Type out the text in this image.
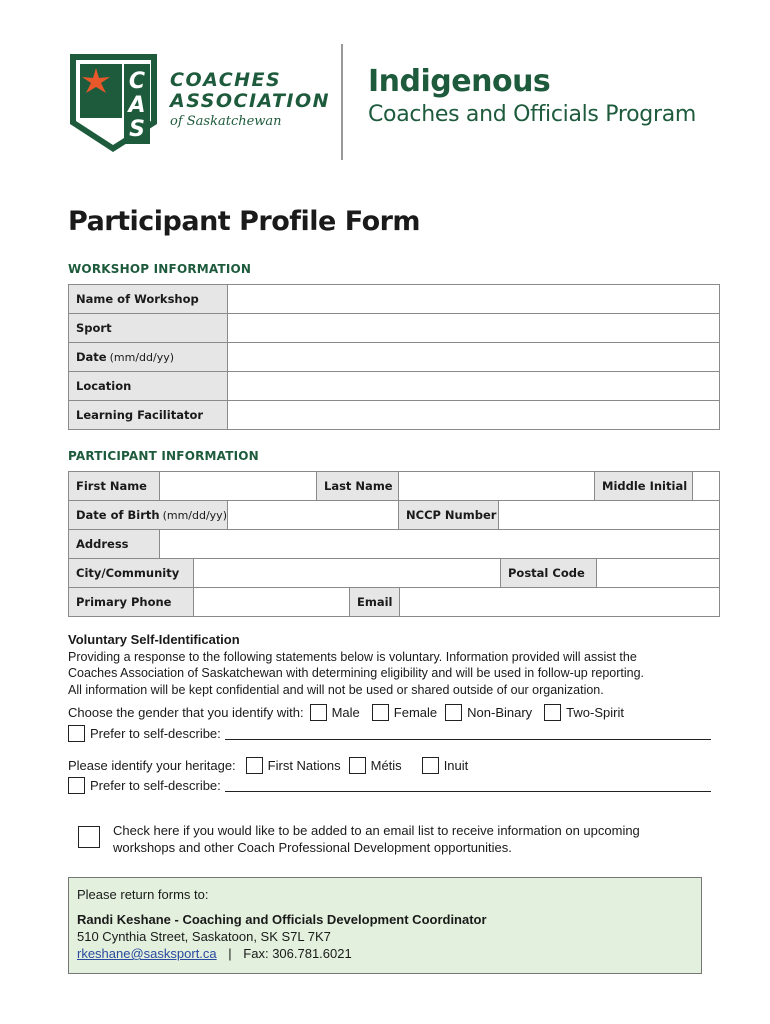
C
A
S
COACHES
ASSOCIATION
of Saskatchewan
Indigenous
Coaches and Officials Program
Participant Profile Form
WORKSHOP INFORMATION
Name of Workshop
Sport
Date (mm/dd/yy)
Location
Learning Facilitator
PARTICIPANT INFORMATION
First Name	Last Name	Middle Initial
Date of Birth (mm/dd/yy)	NCCP Number
Address
City/Community	Postal Code
Primary Phone	Email
Voluntary Self-Identification
Providing a response to the following statements below is voluntary. Information provided will assist the
Coaches Association of Saskatchewan with determining eligibility and will be used in follow-up reporting.
All information will be kept confidential and will not be used or shared outside of our organization.
Choose the gender that you identify with: Male	Female Non-Binary	Two-Spirit
Prefer to self-describe:
Please identify your heritage: First Nations Métis	Inuit
Prefer to self-describe:
Check here if you would like to be added to an email list to receive information on upcoming
workshops and other Coach Professional Development opportunities.
Please return forms to:
Randi Keshane - Coaching and Officials Development Coordinator
510 Cynthia Street, Saskatoon, SK S7L 7K7
rkeshane@sasksport.ca | Fax: 306.781.6021
